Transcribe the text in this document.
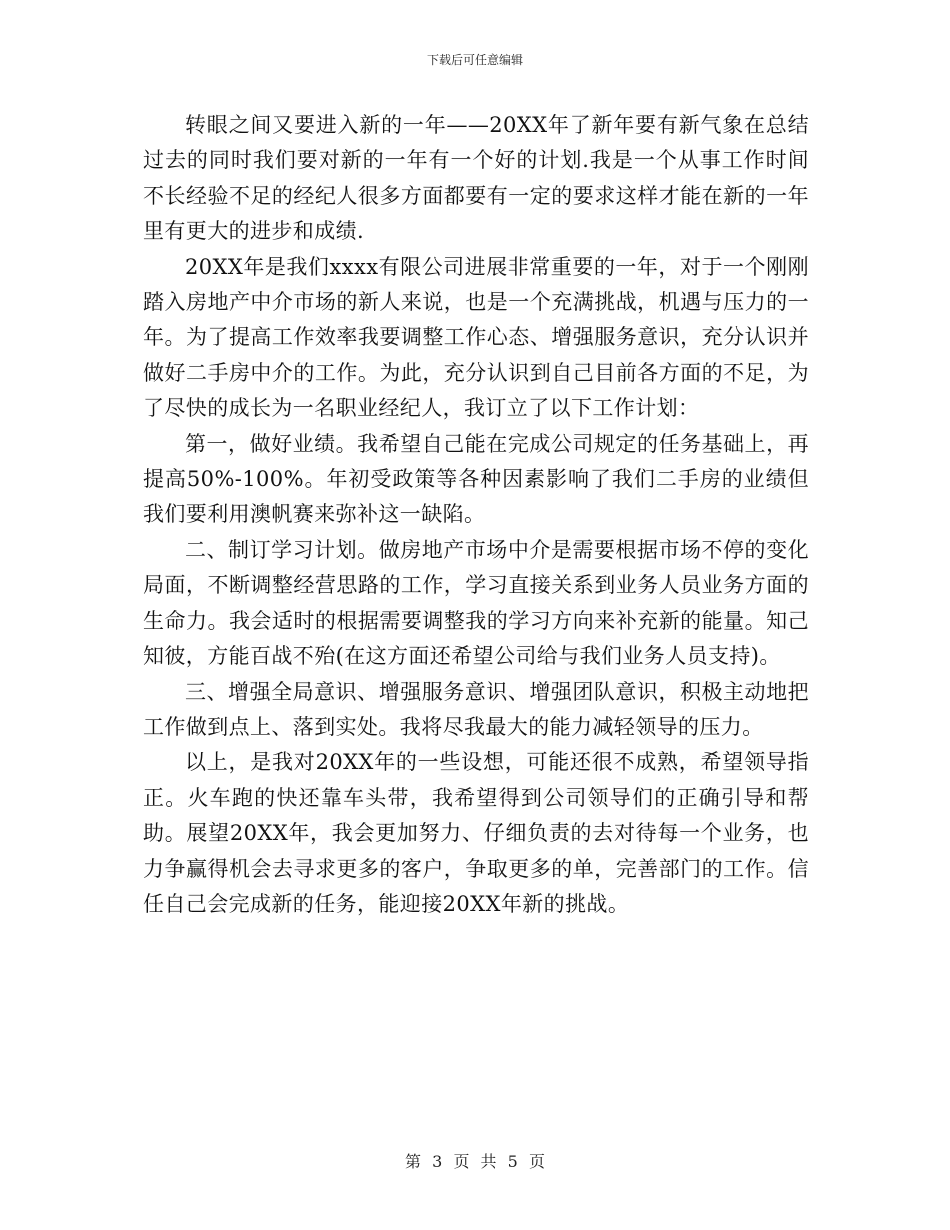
下载后可任意编辑

转眼之间又要进入新的一年——20XX年了新年要有新气象在总结过去的同时我们要对新的一年有一个好的计划.我是一个从事工作时间不长经验不足的经纪人很多方面都要有一定的要求这样才能在新的一年里有更大的进步和成绩.

20XX年是我们xxxx有限公司进展非常重要的一年，对于一个刚刚踏入房地产中介市场的新人来说，也是一个充满挑战，机遇与压力的一年。为了提高工作效率我要调整工作心态、增强服务意识，充分认识并做好二手房中介的工作。为此，充分认识到自己目前各方面的不足，为了尽快的成长为一名职业经纪人，我订立了以下工作计划：

第一，做好业绩。我希望自己能在完成公司规定的任务基础上，再提高50%-100%。年初受政策等各种因素影响了我们二手房的业绩但我们要利用澳帆赛来弥补这一缺陷。

二、制订学习计划。做房地产市场中介是需要根据市场不停的变化局面，不断调整经营思路的工作，学习直接关系到业务人员业务方面的生命力。我会适时的根据需要调整我的学习方向来补充新的能量。知己知彼，方能百战不殆(在这方面还希望公司给与我们业务人员支持)。

三、增强全局意识、增强服务意识、增强团队意识，积极主动地把工作做到点上、落到实处。我将尽我最大的能力减轻领导的压力。

以上，是我对20XX年的一些设想，可能还很不成熟，希望领导指正。火车跑的快还靠车头带，我希望得到公司领导们的正确引导和帮助。展望20XX年，我会更加努力、仔细负责的去对待每一个业务，也力争赢得机会去寻求更多的客户，争取更多的单，完善部门的工作。信任自己会完成新的任务，能迎接20XX年新的挑战。

第 3 页 共 5 页
